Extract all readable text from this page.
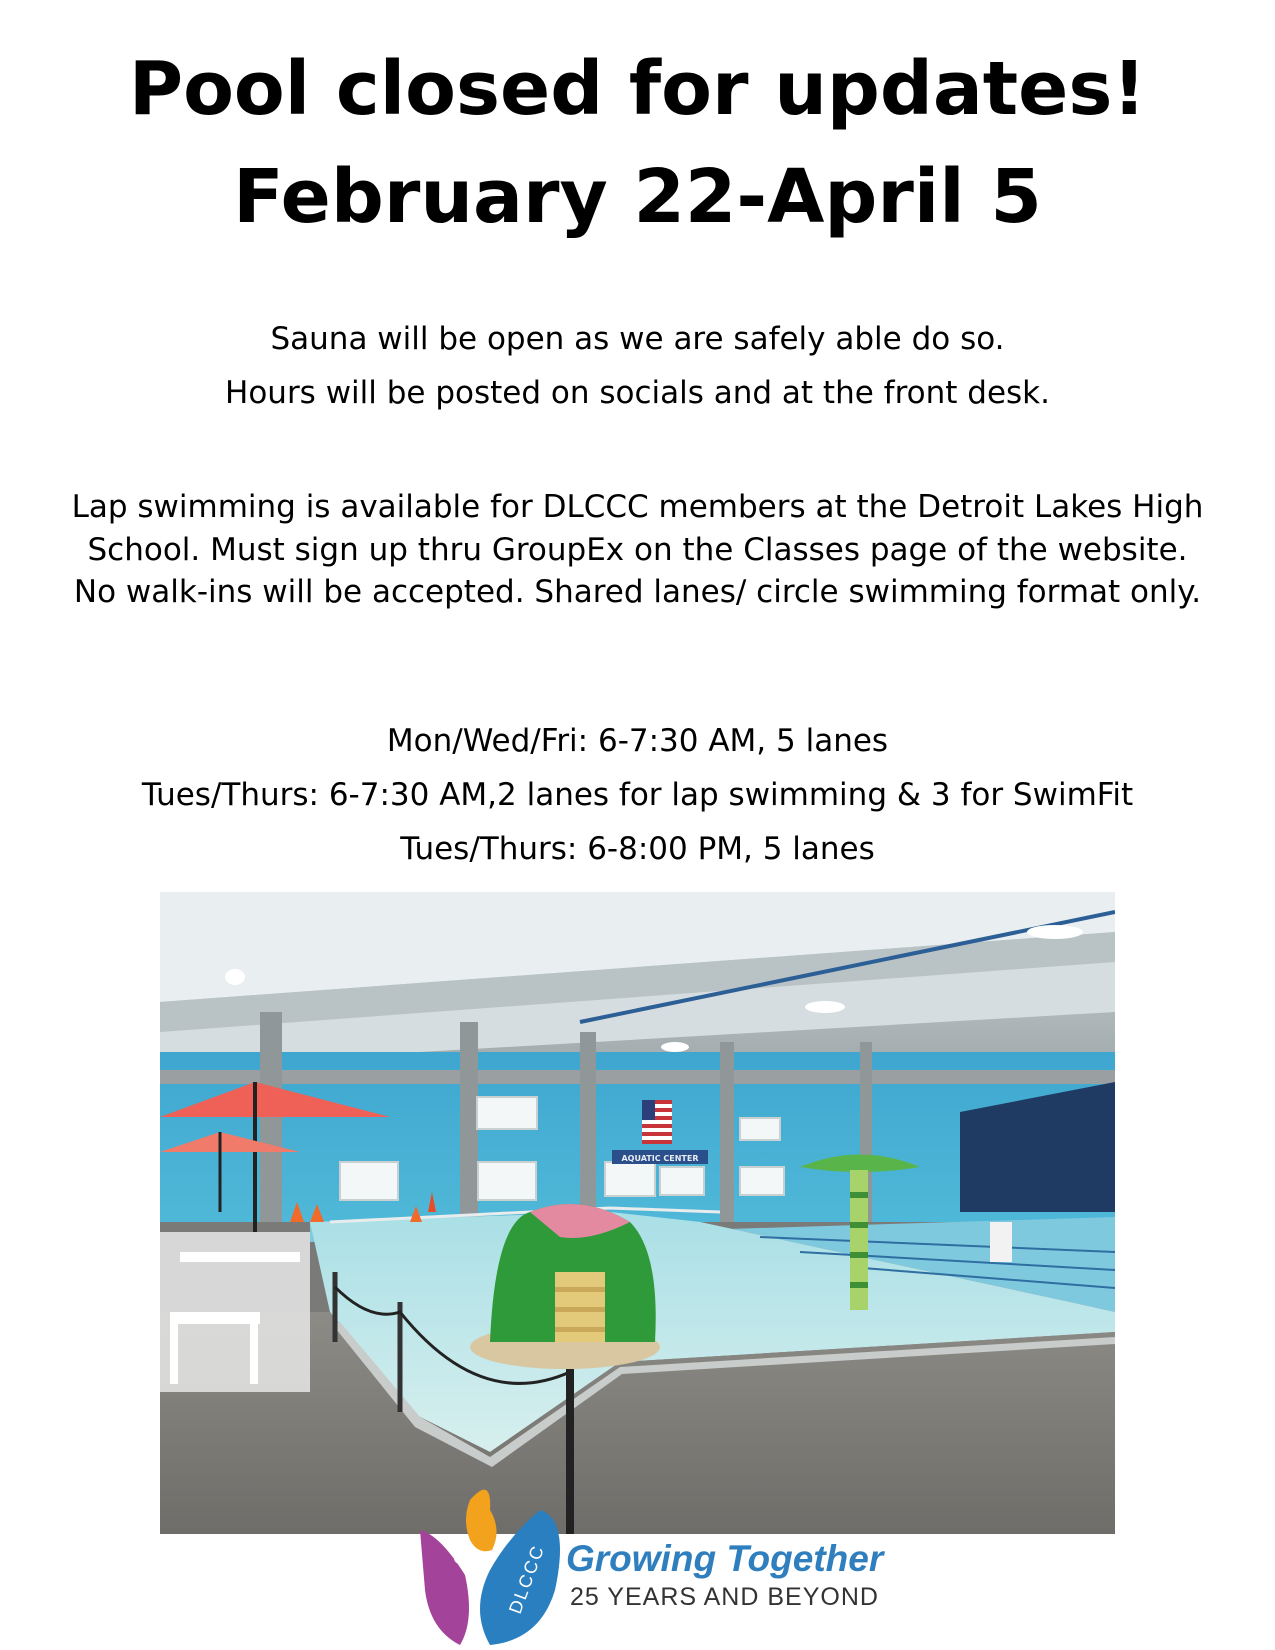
Pool closed for updates!
February 22-April 5
Sauna will be open as we are safely able do so.
Hours will be posted on socials and at the front desk.
Lap swimming is available for DLCCC members at the Detroit Lakes High School. Must sign up thru GroupEx on the Classes page of the website. No walk-ins will be accepted. Shared lanes/ circle swimming format only.
Mon/Wed/Fri: 6-7:30 AM, 5 lanes
Tues/Thurs: 6-7:30 AM,2 lanes for lap swimming & 3 for SwimFit
Tues/Thurs: 6-8:00 PM, 5 lanes
AQUATIC CENTER
DLCCC Growing Together
25 YEARS AND BEYOND
